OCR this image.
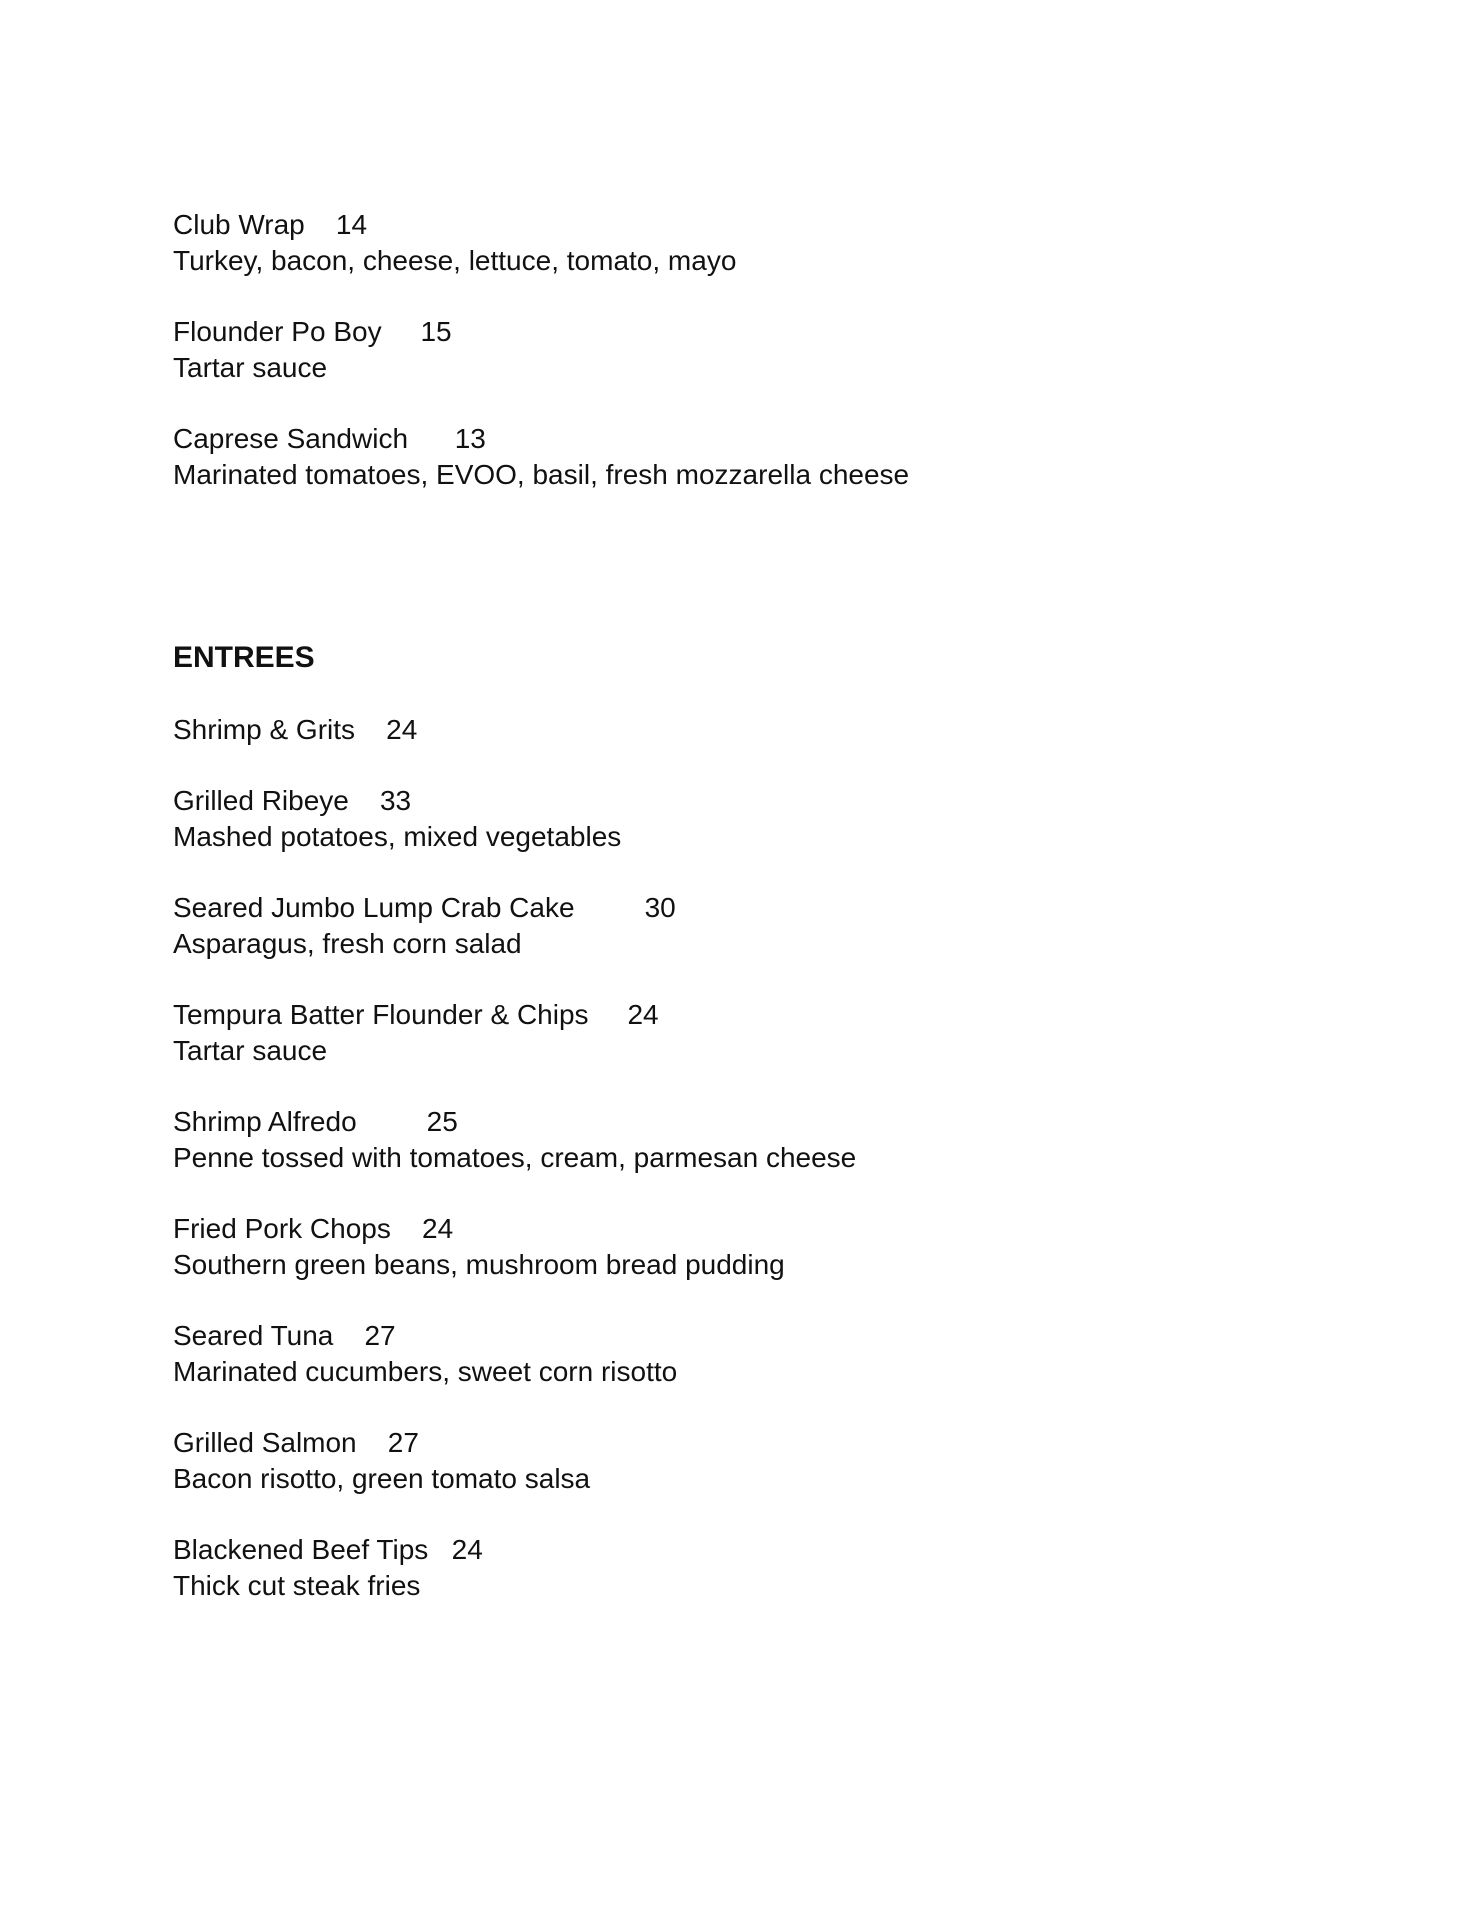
Club Wrap 14
Turkey, bacon, cheese, lettuce, tomato, mayo
Flounder Po Boy 15
Tartar sauce
Caprese Sandwich 13
Marinated tomatoes, EVOO, basil, fresh mozzarella cheese
ENTREES
Shrimp & Grits 24
Grilled Ribeye 33
Mashed potatoes, mixed vegetables
Seared Jumbo Lump Crab Cake	30
Asparagus, fresh corn salad
Tempura Batter Flounder & Chips 24
Tartar sauce
Shrimp Alfredo	25
Penne tossed with tomatoes, cream, parmesan cheese
Fried Pork Chops 24
Southern green beans, mushroom bread pudding
Seared Tuna 27
Marinated cucumbers, sweet corn risotto
Grilled Salmon 27
Bacon risotto, green tomato salsa
Blackened Beef Tips 24
Thick cut steak fries
